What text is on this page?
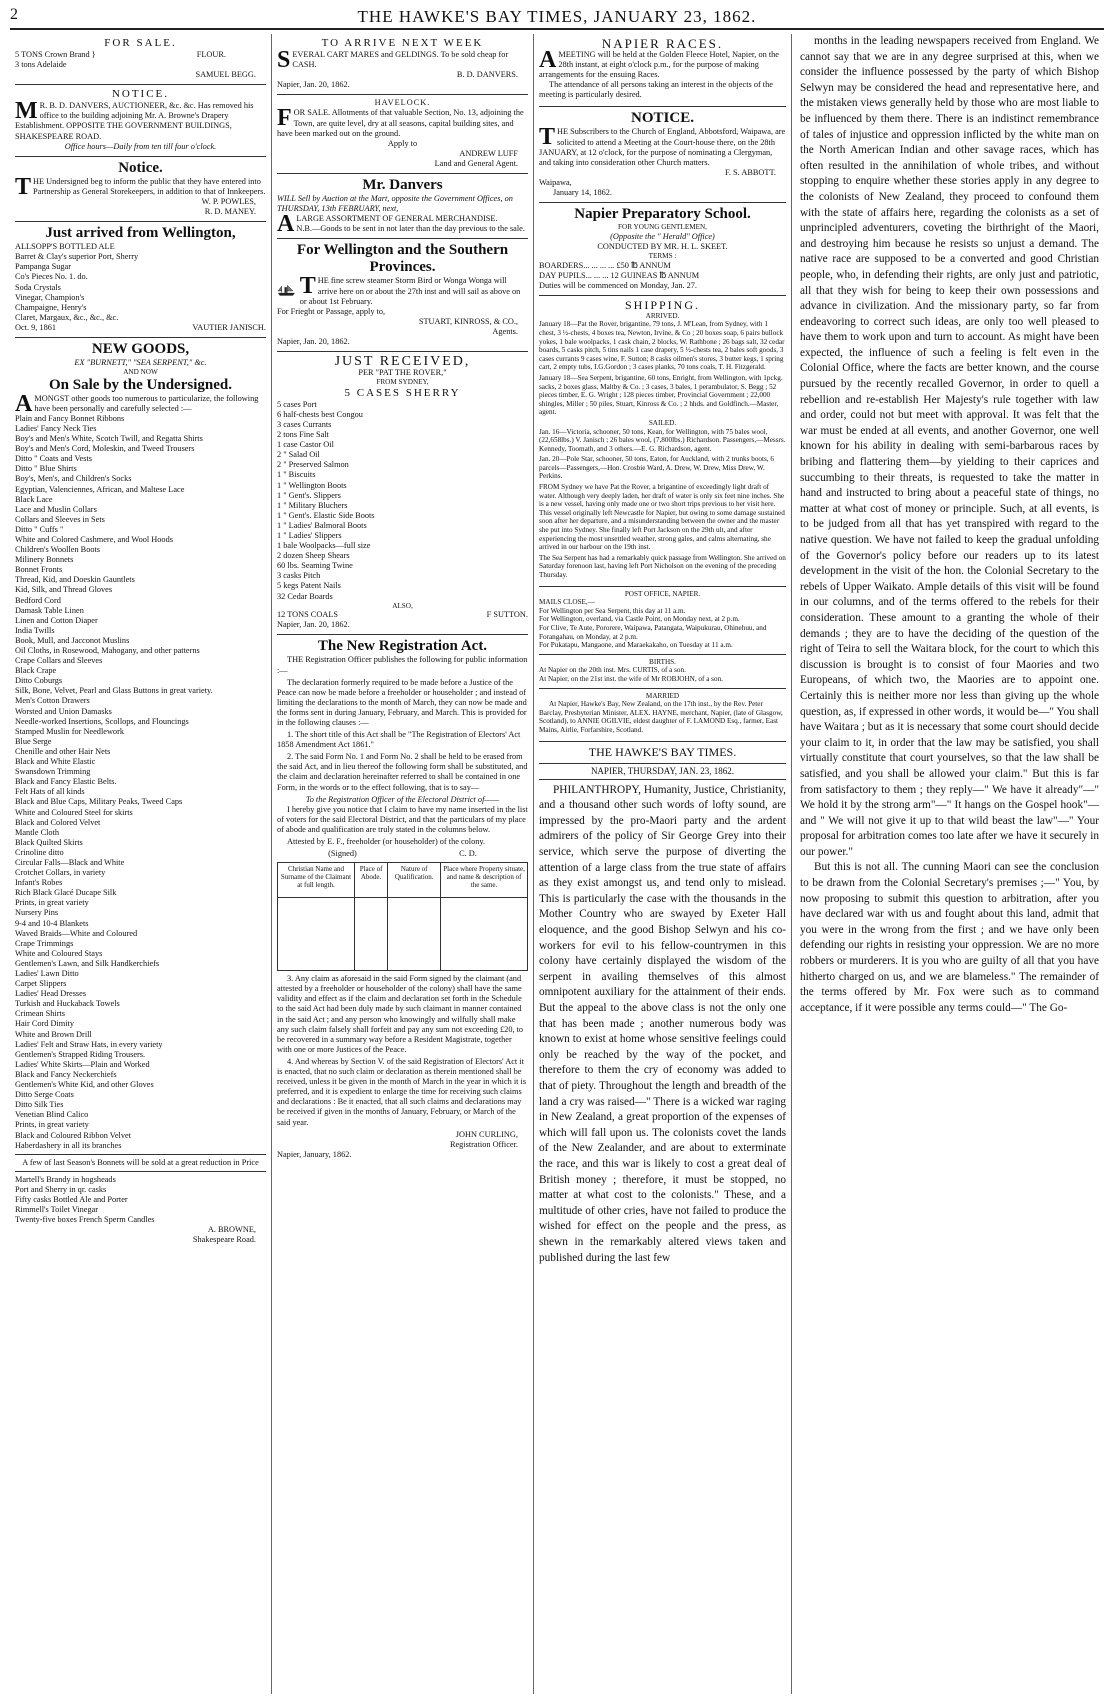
2	THE HAWKE'S BAY TIMES, JANUARY 23, 1862.
FOR SALE.
5 TONS Crown Brand }
3 tons Adelaide
FLOUR.
SAMUEL BEGG.
NOTICE.
MR. B. D. DANVERS, AUCTIONEER, &c. &c. Has removed his office to the building adjoining Mr. A. Browne's Drapery Establishment. OPPOSITE THE GOVERNMENT BUILDINGS, SHAKESPEARE ROAD.
Office hours—Daily from ten till four o'clock.
Notice.
THE Undersigned beg to inform the public that they have entered into Partnership as General Storekeepers, in addition to that of Innkeepers.
W. P. POWLES,
R. D. MANEY.
Just arrived from Wellington,
ALLSOPP'S BOTTLED ALE
Barret & Clay's superior Port, Sherry
Pampanga Sugar
Co's Pieces No. 1. do.
Soda Crystals
Vinegar, Champion's
Champaigne, Henry's
Claret, Margaux, &c., &c., &c.
Oct. 9, 1861	VAUTIER JANISCH.
NEW GOODS,
EX "BURNETT," "SEA SERPENT," &c.
AND NOW
On Sale by the Undersigned.
AMONGST other goods too numerous to particularize, the following have been personally and carefully selected :—
Plain and Fancy Bonnet Ribbons
Ladies' Fancy Neck Ties
Boy's and Men's White, Scotch Twill, and Regatta Shirts
Boy's and Men's Cord, Moleskin, and Tweed Trousers
Ditto " Coats and Vests
Ditto " Blue Shirts
Boy's, Men's, and Children's Socks
Egyptian, Valenciennes, African, and Maltese Lace
Black Lace
Lace and Muslin Collars
Collars and Sleeves in Sets
Ditto " Cuffs "
White and Colored Cashmere, and Wool Hoods
Children's Woollen Boots
Milinery Bonnets
Bonnet Fronts
Thread, Kid, and Doeskin Gauntlets
Kid, Silk, and Thread Gloves
Bedford Cord
Damask Table Linen
Linen and Cotton Diaper
India Twills
Book, Mull, and Jacconot Muslins
Oil Cloths, in Rosewood, Mahogany, and other patterns
Crape Collars and Sleeves
Black Crape
Ditto Coburgs
Silk, Bone, Velvet, Pearl and Glass Buttons in great variety.
Men's Cotton Drawers
Worsted and Union Damasks
Needle-worked Insertions, Scollops, and Flouncings
Stamped Muslin for Needlework
Blue Serge
Chenille and other Hair Nets
Black and White Elastic
Swansdown Trimming
Black and Fancy Elastic Belts.
Felt Hats of all kinds
Black and Blue Caps, Military Peaks, Tweed Caps
White and Coloured Steel for skirts
Black and Colored Velvet
Mantle Cloth
Black Quilted Skirts
Crinoline ditto
Circular Falls—Black and White
Crotchet Collars, in variety
Infant's Robes
Rich Black Glacé Ducape Silk
Prints, in great variety
Nursery Pins
9-4 and 10-4 Blankets
Waved Braids—White and Coloured
Crape Trimmings
White and Coloured Stays
Gentlemen's Lawn, and Silk Handkerchiefs
Ladies' Lawn Ditto
Carpet Slippers
Ladies' Head Dresses
Turkish and Huckaback Towels
Crimean Shirts
Hair Cord Dimity
White and Brown Drill
Ladies' Felt and Straw Hats, in every variety
Gentlemen's Strapped Riding Trousers.
Ladies' White Skirts—Plain and Worked
Black and Fancy Neckerchiefs
Gentlemen's White Kid, and other Gloves
Ditto Serge Coats
Ditto Silk Ties
Venetian Blind Calico
Prints, in great variety
Black and Coloured Ribbon Velvet
Haberdashery in all its branches
A few of last Season's Bonnets will be sold at a great reduction in Price
Martell's Brandy in hogsheads
Port and Sherry in qr. casks
Fifty casks Bottled Ale and Porter
Rimmell's Toilet Vinegar
Twenty-five boxes French Sperm Candles
A. BROWNE,
Shakespeare Road.
TO ARRIVE NEXT WEEK
SEVERAL CART MARES and GELDINGS. To be sold cheap for CASH.
B. D. DANVERS.
Napier, Jan. 20, 1862.
HAVELOCK.
FOR SALE. Allotments of that valuable Section, No. 13, adjoining the Town, are quite level, dry at all seasons, capital building sites, and have been marked out on the ground.
Apply to
ANDREW LUFF
Land and General Agent.
Mr. Danvers
WILL Sell by Auction at the Mart, opposite the Government Offices, on THURSDAY, 13th FEBRUARY, next,
ALARGE ASSORTMENT OF GENERAL MERCHANDISE.
N.B.—Goods to be sent in not later than the day previous to the sale.
For Wellington and the Southern Provinces.
THE fine screw steamer Storm Bird or Wonga Wonga will arrive here on or about the 27th inst and will sail as above on or about 1st February.
For Frieght or Passage, apply to,
STUART, KINROSS, & CO.,
Agents.
Napier, Jan. 20, 1862.
JUST RECEIVED,
PER "PAT THE ROVER,"
FROM SYDNEY,
5 CASES SHERRY
5 cases Port
6 half-chests best Congou
3 cases Currants
2 tons Fine Salt
1 case Castor Oil
2 " Salad Oil
2 " Preserved Salmon
1 " Biscuits
1 " Wellington Boots
1 " Gent's. Slippers
1 " Military Bluchers
1 " Gent's. Elastic Side Boots
1 " Ladies' Balmoral Boots
1 " Ladies' Slippers
1 bale Woolpacks—full size
2 dozen Sheep Shears
60 lbs. Seaming Twine
3 casks Pitch
5 kegs Patent Nails
32 Cedar Boards
ALSO,
12 TONS COALS	F SUTTON.
Napier, Jan. 20, 1862.
The New Registration Act.

THE Registration Officer publishes the following for public information :—

The declaration formerly required to be made before a Justice of the Peace can now be made before a freeholder or householder ; and instead of limiting the declarations to the month of March, they can now be made and the forms sent in during January, February, and March. This is provided for in the following clauses :—

1. The short title of this Act shall be "The Registration of Electors' Act 1858 Amendment Act 1861."

2. The said Form No. 1 and Form No. 2 shall be held to be erased from the said Act, and in lieu thereof the following form shall be substituted, and the claim and declaration hereinafter referred to shall be contained in one Form, in the words or to the effect following, that is to say—

To the Registration Officer of the Electoral District of——

I hereby give you notice that I claim to have my name inserted in the list of voters for the said Electoral District, and that the particulars of my place of abode and qualification are truly stated in the columns below.

Attested by E. F., freeholder (or householder) of the colony.

(Signed)	C. D.
Christian Name and Surname of the Claimant at full length.	Place of Abode.	Nature of Qualification.	Place where Property situate, and name & description of the same.

3. Any claim as aforesaid in the said Form signed by the claimant (and attested by a freeholder or householder of the colony) shall have the same validity and effect as if the claim and declaration set forth in the Schedule to the said Act had been duly made by such claimant in manner contained in the said Act ; and any person who knowingly and wilfully shall make any such claim falsely shall forfeit and pay any sum not exceeding £20, to be recovered in a summary way before a Resident Magistrate, together with one or more Justices of the Peace.

4. And whereas by Section V. of the said Registration of Electors' Act it is enacted, that no such claim or declaration as therein mentioned shall be received, unless it be given in the month of March in the year in which it is preferred, and it is expedient to enlarge the time for receiving such claims and declarations : Be it enacted, that all such claims and declarations may be received if given in the months of January, February, or March of the said year.

JOHN CURLING,
Registration Officer.
Napier, January, 1862.
NAPIER RACES.
AMEETING will be held at the Golden Fleece Hotel, Napier, on the 28th instant, at eight o'clock p.m., for the purpose of making arrangements for the ensuing Races.

The attendance of all persons taking an interest in the objects of the meeting is particularly desired.

NOTICE.
THE Subscribers to the Church of England, Abbotsford, Waipawa, are solicited to attend a Meeting at the Court-house there, on the 28th JANUARY, at 12 o'clock, for the purpose of nominating a Clergyman, and taking into consideration other Church matters.
F. S. ABBOTT.
Waipawa,
January 14, 1862.
Napier Preparatory School.
FOR YOUNG GENTLEMEN,
(Opposite the " Herald" Office)
CONDUCTED BY MR. H. L. SKEET.
TERMS :
BOARDERS... ... ... ... £50 ℔ ANNUM
DAY PUPILS... ... ... 12 GUINEAS ℔ ANNUM
Duties will be commenced on Monday, Jan. 27.
SHIPPING.
ARRIVED.

January 18—Pat the Rover, brigantine, 79 tons, J. M'Lean, from Sydney, with 1 chest, 3 ½-chests, 4 boxes tea, Newton, Irvine, & Co ; 20 boxes soap, 6 pairs bullock yokes, 1 bale woolpacks, 1 cask chain, 2 blocks, W. Rathbone ; 26 bags salt, 32 cedar boards, 5 casks pitch, 5 tins nails 1 case drapery, 5 ½-chests tea, 2 bales soft goods, 3 cases currants 9 cases wine, F. Sutton; 8 casks oilmen's stores, 3 butter kegs, 1 spring cart, 2 empty tubs, I.G.Gordon ; 3 cases planks, 70 tons coals, T. H. Fitzgerald.

January 18—Sea Serpent, brigantine, 60 tons, Enright, from Wellington, with 1pckg. sacks, 2 boxes glass, Maltby & Co. ; 3 cases, 3 bales, 1 perambulator, S. Begg ; 52 pieces timber, E. G. Wright ; 128 pieces timber, Provincial Government ; 22,000 shingles, Miller ; 50 piles, Stuart, Kinross & Co. ; 2 hhds. and Goldfinch.—Master, agent.

SAILED.

Jan. 16—Victoria, schooner, 50 tons, Kean, for Wellington, with 75 bales wool, (22,658lbs.) V. Janisch ; 26 bales wool, (7,800lbs.) Richardson. Passengers,—Messrs. Kennedy, Toomath, and 3 others.—E. G. Richardson, agent.

Jan. 20—Pole Star, schooner, 50 tons, Eaton, for Auckland, with 2 trunks boots, 6 parcels—Passengers,—Hon. Crosbie Ward, A. Drew, W. Drew, Miss Drew, W. Perkins.

FROM Sydney we have Pat the Rover, a brigantine of exceedingly light draft of water. Although very deeply laden, her draft of water is only six feet nine inches. She is a new vessel, having only made one or two short trips previous to her visit here. This vessel originally left Newcastle for Napier, but owing to some damage sustained soon after her departure, and a misunderstanding between the owner and the master she put into Sydney. She finally left Port Jackson on the 29th ult, and after experiencing the most unsettled weather, strong gales, and calms alternating, she arrived in our harbour on the 19th inst.

The Sea Serpent has had a remarkably quick passage from Wellington. She arrived on Saturday forenoon last, having left Port Nicholson on the evening of the preceding Thursday.

POST OFFICE, NAPIER.
MAILS CLOSE,—
For Wellington per Sea Serpent, this day at 11 a.m.
For Wellington, overland, via Castle Point, on Monday next, at 2 p.m.
For Clive, Te Aute, Pororere, Waipawa, Patangata, Waipukurau, Ohinehuu, and Forangahau, on Monday, at 2 p.m.
For Pukatapu, Mangaone, and Maraekakaho, on Tuesday at 11 a.m.
BIRTHS.
At Napier on the 20th inst. Mrs. CURTIS, of a son.
At Napier, on the 21st inst. the wife of Mr ROBJOHN, of a son.
MARRIED

At Napier, Hawke's Bay, New Zealand, on the 17th inst., by the Rev. Peter Barclay, Presbyterian Minister, ALEX. HAYNE, merchant, Napier, (late of Glasgow, Scotland), to ANNIE OGILVIE, eldest daughter of F. LAMOND Esq., farmer, East Mains, Airlie, Forfarshire, Scotland.

THE HAWKE'S BAY TIMES.
NAPIER, THURSDAY, JAN. 23, 1862.

PHILANTHROPY, Humanity, Justice, Christianity, and a thousand other such words of lofty sound, are impressed by the pro-Maori party and the ardent admirers of the policy of Sir George Grey into their service, which serve the purpose of diverting the attention of a large class from the true state of affairs as they exist amongst us, and tend only to mislead. This is particularly the case with the thousands in the Mother Country who are swayed by Exeter Hall eloquence, and the good Bishop Selwyn and his co-workers for evil to his fellow-countrymen in this colony have certainly displayed the wisdom of the serpent in availing themselves of this almost omnipotent auxiliary for the attainment of their ends. But the appeal to the above class is not the only one that has been made ; another numerous body was known to exist at home whose sensitive feelings could only be reached by the way of the pocket, and therefore to them the cry of economy was added to that of piety. Throughout the length and breadth of the land a cry was raised—" There is a wicked war raging in New Zealand, a great proportion of the expenses of which will fall upon us. The colonists covet the lands of the New Zealander, and are about to exterminate the race, and this war is likely to cost a great deal of British money ; therefore, it must be stopped, no matter at what cost to the colonists." These, and a multitude of other cries, have not failed to produce the wished for effect on the people and the press, as shewn in the remarkably altered views taken and published during the last few

months in the leading newspapers received from England. We cannot say that we are in any degree surprised at this, when we consider the influence possessed by the party of which Bishop Selwyn may be considered the head and representative here, and the mistaken views generally held by those who are most liable to be influenced by them there. There is an indistinct remembrance of tales of injustice and oppression inflicted by the white man on the North American Indian and other savage races, which has often resulted in the annihilation of whole tribes, and without stopping to enquire whether these stories apply in any degree to the colonists of New Zealand, they proceed to confound them with the state of affairs here, regarding the colonists as a set of unprincipled adventurers, coveting the birthright of the Maori, and destroying him because he resists so unjust a demand. The native race are supposed to be a converted and good Christian people, who, in defending their rights, are only just and patriotic, all that they wish for being to keep their own possessions and advance in civilization. And the missionary party, so far from endeavoring to correct such ideas, are only too well pleased to have them to work upon and turn to account. As might have been expected, the influence of such a feeling is felt even in the Colonial Office, where the facts are better known, and the course pursued by the recently recalled Governor, in order to quell a rebellion and re-establish Her Majesty's rule together with law and order, could not but meet with approval. It was felt that the war must be ended at all events, and another Governor, one well known for his ability in dealing with semi-barbarous races by bribing and flattering them—by yielding to their caprices and succumbing to their threats, is requested to take the matter in hand and instructed to bring about a peaceful state of things, no matter at what cost of money or principle. Such, at all events, is to be judged from all that has yet transpired with regard to the native question. We have not failed to keep the gradual unfolding of the Governor's policy before our readers up to its latest development in the visit of the hon. the Colonial Secretary to the rebels of Upper Waikato. Ample details of this visit will be found in our columns, and of the terms offered to the rebels for their consideration. These amount to a granting the whole of their demands ; they are to have the deciding of the question of the right of Teira to sell the Waitara block, for the court to which this discussion is brought is to consist of four Maories and two Europeans, of which two, the Maories are to appoint one. Certainly this is neither more nor less than giving up the whole question, as, if expressed in other words, it would be—" You shall have Waitara ; but as it is necessary that some court should decide your claim to it, in order that the law may be satisfied, you shall virtually constitute that court yourselves, so that the law shall be satisfied, and you shall be allowed your claim." But this is far from satisfactory to them ; they reply—" We have it already"—" We hold it by the strong arm"—" It hangs on the Gospel hook"—and " We will not give it up to that wild beast the law"—" Your proposal for arbitration comes too late after we have it securely in our power."

But this is not all. The cunning Maori can see the conclusion to be drawn from the Colonial Secretary's premises ;—" You, by now proposing to submit this question to arbitration, after you have declared war with us and fought about this land, admit that you were in the wrong from the first ; and we have only been defending our rights in resisting your oppression. We are no more robbers or murderers. It is you who are guilty of all that you have hitherto charged on us, and we are blameless." The remainder of the terms offered by Mr. Fox were such as to command acceptance, if it were possible any terms could—" The Go-
